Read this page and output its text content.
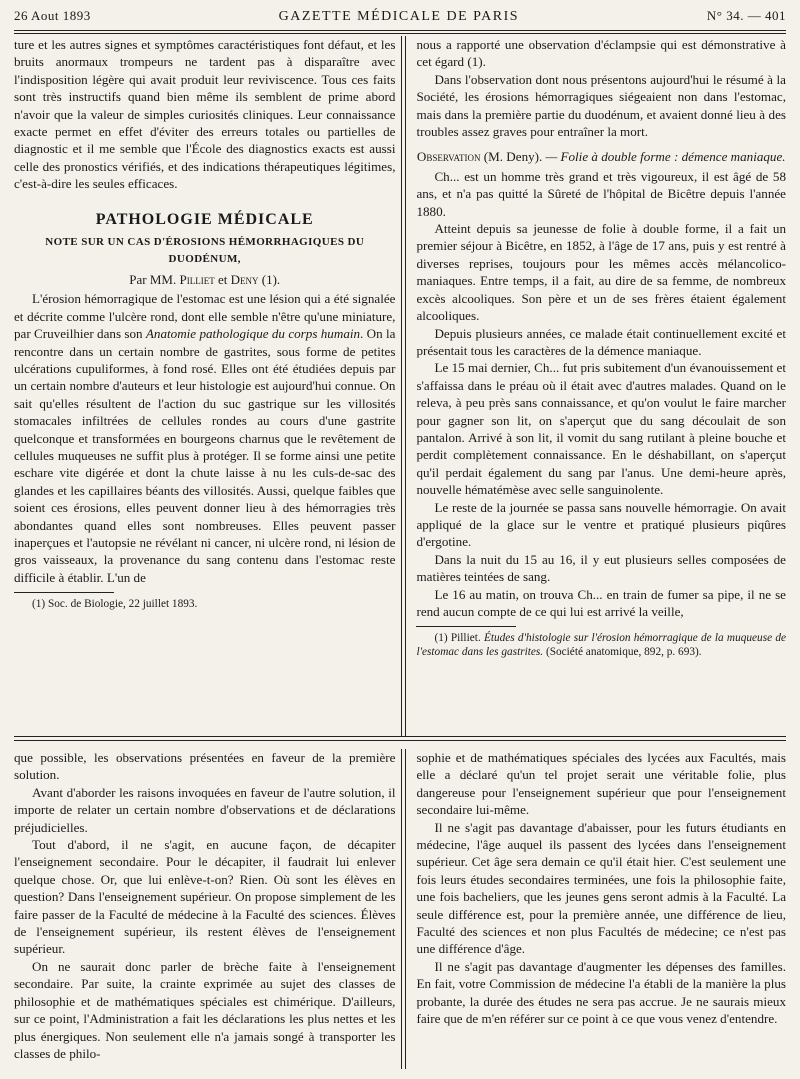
26 Aout 1893	GAZETTE MÉDICALE DE PARIS	N° 34. — 401

ture et les autres signes et symptômes caractéristiques font défaut, et les bruits anormaux trompeurs ne tardent pas à disparaître avec l'indisposition légère qui avait produit leur reviviscence. Tous ces faits sont très instructifs quand bien même ils semblent de prime abord n'avoir que la valeur de simples curiosités cliniques. Leur connaissance exacte permet en effet d'éviter des erreurs totales ou partielles de diagnostic et il me semble que l'École des diagnostics exacts est aussi celle des pronostics vérifiés, et des indications thérapeutiques légitimes, c'est-à-dire les seules efficaces.

PATHOLOGIE MÉDICALE
NOTE SUR UN CAS D'ÉROSIONS HÉMORRHAGIQUES DU DUODÉNUM,
Par MM. Pilliet et Deny (1).

L'érosion hémorragique de l'estomac est une lésion qui a été signalée et décrite comme l'ulcère rond, dont elle semble n'être qu'une miniature, par Cruveilhier dans son Anatomie pathologique du corps humain. On la rencontre dans un certain nombre de gastrites, sous forme de petites ulcérations cupuliformes, à fond rosé. Elles ont été étudiées depuis par un certain nombre d'auteurs et leur histologie est aujourd'hui connue. On sait qu'elles résultent de l'action du suc gastrique sur les villosités stomacales infiltrées de cellules rondes au cours d'une gastrite quelconque et transformées en bourgeons charnus que le revêtement de cellules muqueuses ne suffit plus à protéger. Il se forme ainsi une petite eschare vite digérée et dont la chute laisse à nu les culs-de-sac des glandes et les capillaires béants des villosités. Aussi, quelque faibles que soient ces érosions, elles peuvent donner lieu à des hémorragies très abondantes quand elles sont nombreuses. Elles peuvent passer inaperçues et l'autopsie ne révélant ni cancer, ni ulcère rond, ni lésion de gros vaisseaux, la provenance du sang contenu dans l'estomac reste difficile à établir. L'un de

(1) Soc. de Biologie, 22 juillet 1893.

nous a rapporté une observation d'éclampsie qui est démonstrative à cet égard (1).

Dans l'observation dont nous présentons aujourd'hui le résumé à la Société, les érosions hémorragiques siégeaient non dans l'estomac, mais dans la première partie du duodénum, et avaient donné lieu à des troubles assez graves pour entraîner la mort.

Observation (M. Deny). — Folie à double forme : démence maniaque.

Ch... est un homme très grand et très vigoureux, il est âgé de 58 ans, et n'a pas quitté la Sûreté de l'hôpital de Bicêtre depuis l'année 1880.

Atteint depuis sa jeunesse de folie à double forme, il a fait un premier séjour à Bicêtre, en 1852, à l'âge de 17 ans, puis y est rentré à diverses reprises, toujours pour les mêmes accès mélancolico-maniaques. Entre temps, il a fait, au dire de sa femme, de nombreux excès alcooliques. Son père et un de ses frères étaient également alcooliques.

Depuis plusieurs années, ce malade était continuellement excité et présentait tous les caractères de la démence maniaque.

Le 15 mai dernier, Ch... fut pris subitement d'un évanouissement et s'affaissa dans le préau où il était avec d'autres malades. Quand on le releva, à peu près sans connaissance, et qu'on voulut le faire marcher pour gagner son lit, on s'aperçut que du sang découlait de son pantalon. Arrivé à son lit, il vomit du sang rutilant à pleine bouche et perdit complètement connaissance. En le déshabillant, on s'aperçut qu'il perdait également du sang par l'anus. Une demi-heure après, nouvelle hématémèse avec selle sanguinolente.

Le reste de la journée se passa sans nouvelle hémorragie. On avait appliqué de la glace sur le ventre et pratiqué plusieurs piqûres d'ergotine.

Dans la nuit du 15 au 16, il y eut plusieurs selles composées de matières teintées de sang.

Le 16 au matin, on trouva Ch... en train de fumer sa pipe, il ne se rend aucun compte de ce qui lui est arrivé la veille,

(1) Pilliet. Études d'histologie sur l'érosion hémorragique de la muqueuse de l'estomac dans les gastrites. (Société anatomique, 892, p. 693).

que possible, les observations présentées en faveur de la première solution.

Avant d'aborder les raisons invoquées en faveur de l'autre solution, il importe de relater un certain nombre d'observations et de déclarations préjudicielles.

Tout d'abord, il ne s'agit, en aucune façon, de décapiter l'enseignement secondaire. Pour le décapiter, il faudrait lui enlever quelque chose. Or, que lui enlève-t-on? Rien. Où sont les élèves en question? Dans l'enseignement supérieur. On propose simplement de les faire passer de la Faculté de médecine à la Faculté des sciences. Élèves de l'enseignement supérieur, ils restent élèves de l'enseignement supérieur.

On ne saurait donc parler de brèche faite à l'enseignement secondaire. Par suite, la crainte exprimée au sujet des classes de philosophie et de mathématiques spéciales est chimérique. D'ailleurs, sur ce point, l'Administration a fait les déclarations les plus nettes et les plus énergiques. Non seulement elle n'a jamais songé à transporter les classes de philo-

sophie et de mathématiques spéciales des lycées aux Facultés, mais elle a déclaré qu'un tel projet serait une véritable folie, plus dangereuse pour l'enseignement supérieur que pour l'enseignement secondaire lui-même.

Il ne s'agit pas davantage d'abaisser, pour les futurs étudiants en médecine, l'âge auquel ils passent des lycées dans l'enseignement supérieur. Cet âge sera demain ce qu'il était hier. C'est seulement une fois leurs études secondaires terminées, une fois la philosophie faite, une fois bacheliers, que les jeunes gens seront admis à la Faculté. La seule différence est, pour la première année, une différence de lieu, Faculté des sciences et non plus Facultés de médecine; ce n'est pas une différence d'âge.

Il ne s'agit pas davantage d'augmenter les dépenses des familles. En fait, votre Commission de médecine l'a établi de la manière la plus probante, la durée des études ne sera pas accrue. Je ne saurais mieux faire que de m'en référer sur ce point à ce que vous venez d'entendre.
